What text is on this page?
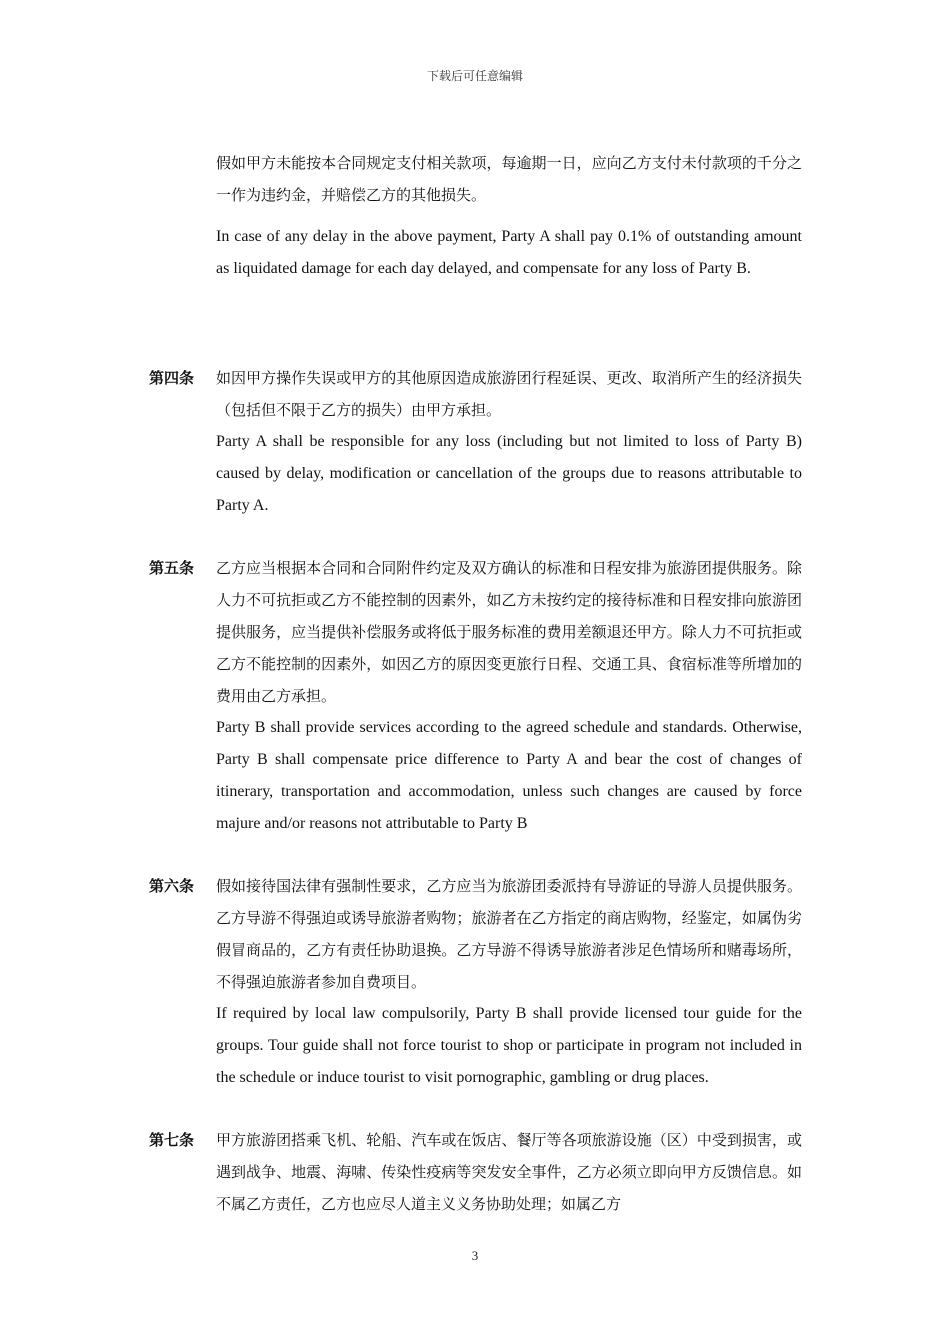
下载后可任意编辑

假如甲方未能按本合同规定支付相关款项，每逾期一日，应向乙方支付未付款项的千分之一作为违约金，并赔偿乙方的其他损失。

In case of any delay in the above payment, Party A shall pay 0.1% of outstanding amount as liquidated damage for each day delayed, and compensate for any loss of Party B.

第四条 如因甲方操作失误或甲方的其他原因造成旅游团行程延误、更改、取消所产生的经济损失（包括但不限于乙方的损失）由甲方承担。

Party A shall be responsible for any loss (including but not limited to loss of Party B) caused by delay, modification or cancellation of the groups due to reasons attributable to Party A.

第五条 乙方应当根据本合同和合同附件约定及双方确认的标准和日程安排为旅游团提供服务。除人力不可抗拒或乙方不能控制的因素外，如乙方未按约定的接待标准和日程安排向旅游团提供服务，应当提供补偿服务或将低于服务标准的费用差额退还甲方。除人力不可抗拒或乙方不能控制的因素外，如因乙方的原因变更旅行日程、交通工具、食宿标准等所增加的费用由乙方承担。

Party B shall provide services according to the agreed schedule and standards. Otherwise, Party B shall compensate price difference to Party A and bear the cost of changes of itinerary, transportation and accommodation, unless such changes are caused by force majure and/or reasons not attributable to Party B

第六条 假如接待国法律有强制性要求，乙方应当为旅游团委派持有导游证的导游人员提供服务。乙方导游不得强迫或诱导旅游者购物；旅游者在乙方指定的商店购物，经鉴定，如属伪劣假冒商品的，乙方有责任协助退换。乙方导游不得诱导旅游者涉足色情场所和赌毒场所，不得强迫旅游者参加自费项目。

If required by local law compulsorily, Party B shall provide licensed tour guide for the groups. Tour guide shall not force tourist to shop or participate in program not included in the schedule or induce tourist to visit pornographic, gambling or drug places.

第七条 甲方旅游团搭乘飞机、轮船、汽车或在饭店、餐厅等各项旅游设施（区）中受到损害，或遇到战争、地震、海啸、传染性疫病等突发安全事件，乙方必须立即向甲方反馈信息。如不属乙方责任，乙方也应尽人道主义义务协助处理；如属乙方

3
